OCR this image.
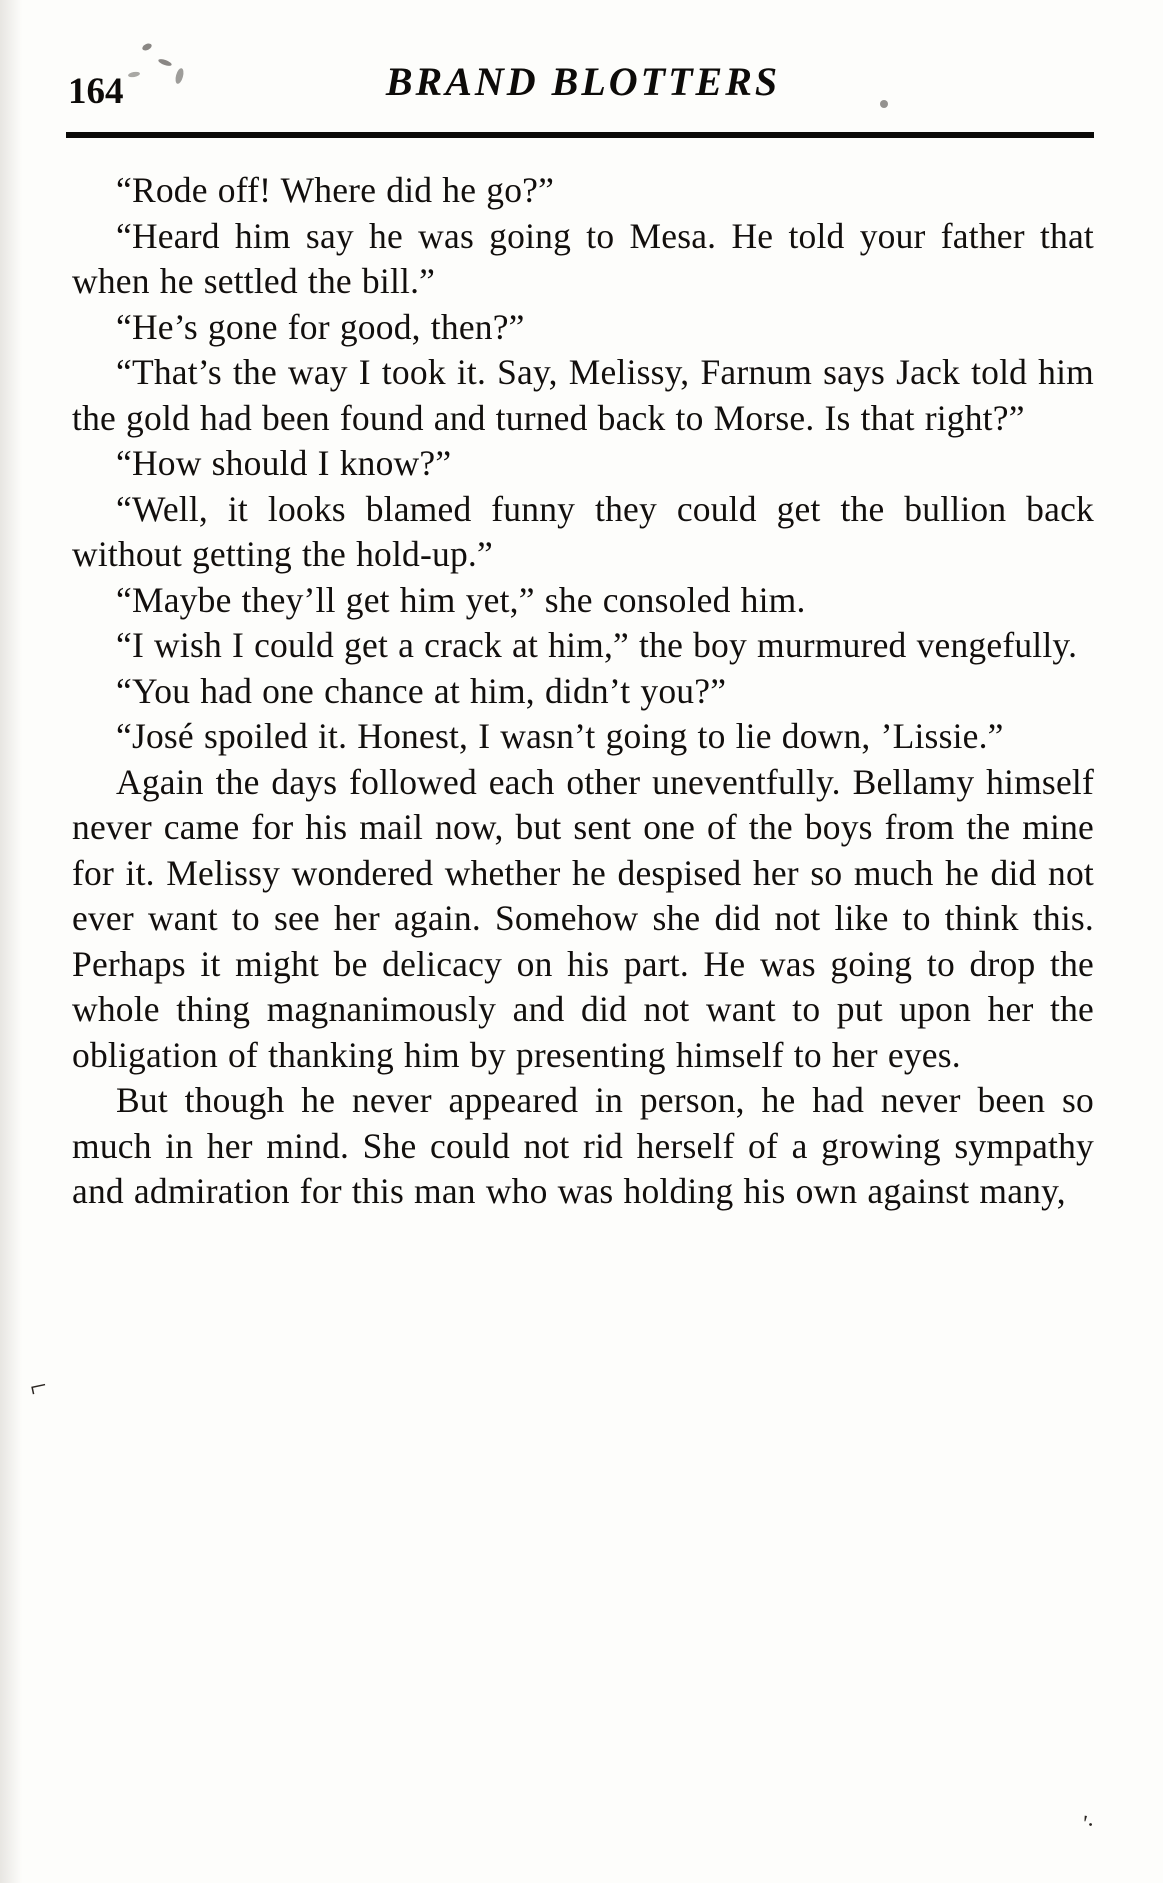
164	BRAND BLOTTERS

“Rode off! Where did he go?”

“Heard him say he was going to Mesa. He told your father that when he settled the bill.”

“He’s gone for good, then?”

“That’s the way I took it. Say, Melissy, Farnum says Jack told him the gold had been found and turned back to Morse. Is that right?”

“How should I know?”

“Well, it looks blamed funny they could get the bullion back without getting the hold-up.”

“Maybe they’ll get him yet,” she consoled him.

“I wish I could get a crack at him,” the boy murmured vengefully.

“You had one chance at him, didn’t you?”

“José spoiled it. Honest, I wasn’t going to lie down, ’Lissie.”

Again the days followed each other uneventfully. Bellamy himself never came for his mail now, but sent one of the boys from the mine for it. Melissy wondered whether he despised her so much he did not ever want to see her again. Somehow she did not like to think this. Perhaps it might be delicacy on his part. He was going to drop the whole thing magnanimously and did not want to put upon her the obligation of thanking him by presenting himself to her eyes.

But though he never appeared in person, he had never been so much in her mind. She could not rid herself of a growing sympathy and admiration for this man who was holding his own against many,

⌐
'·
